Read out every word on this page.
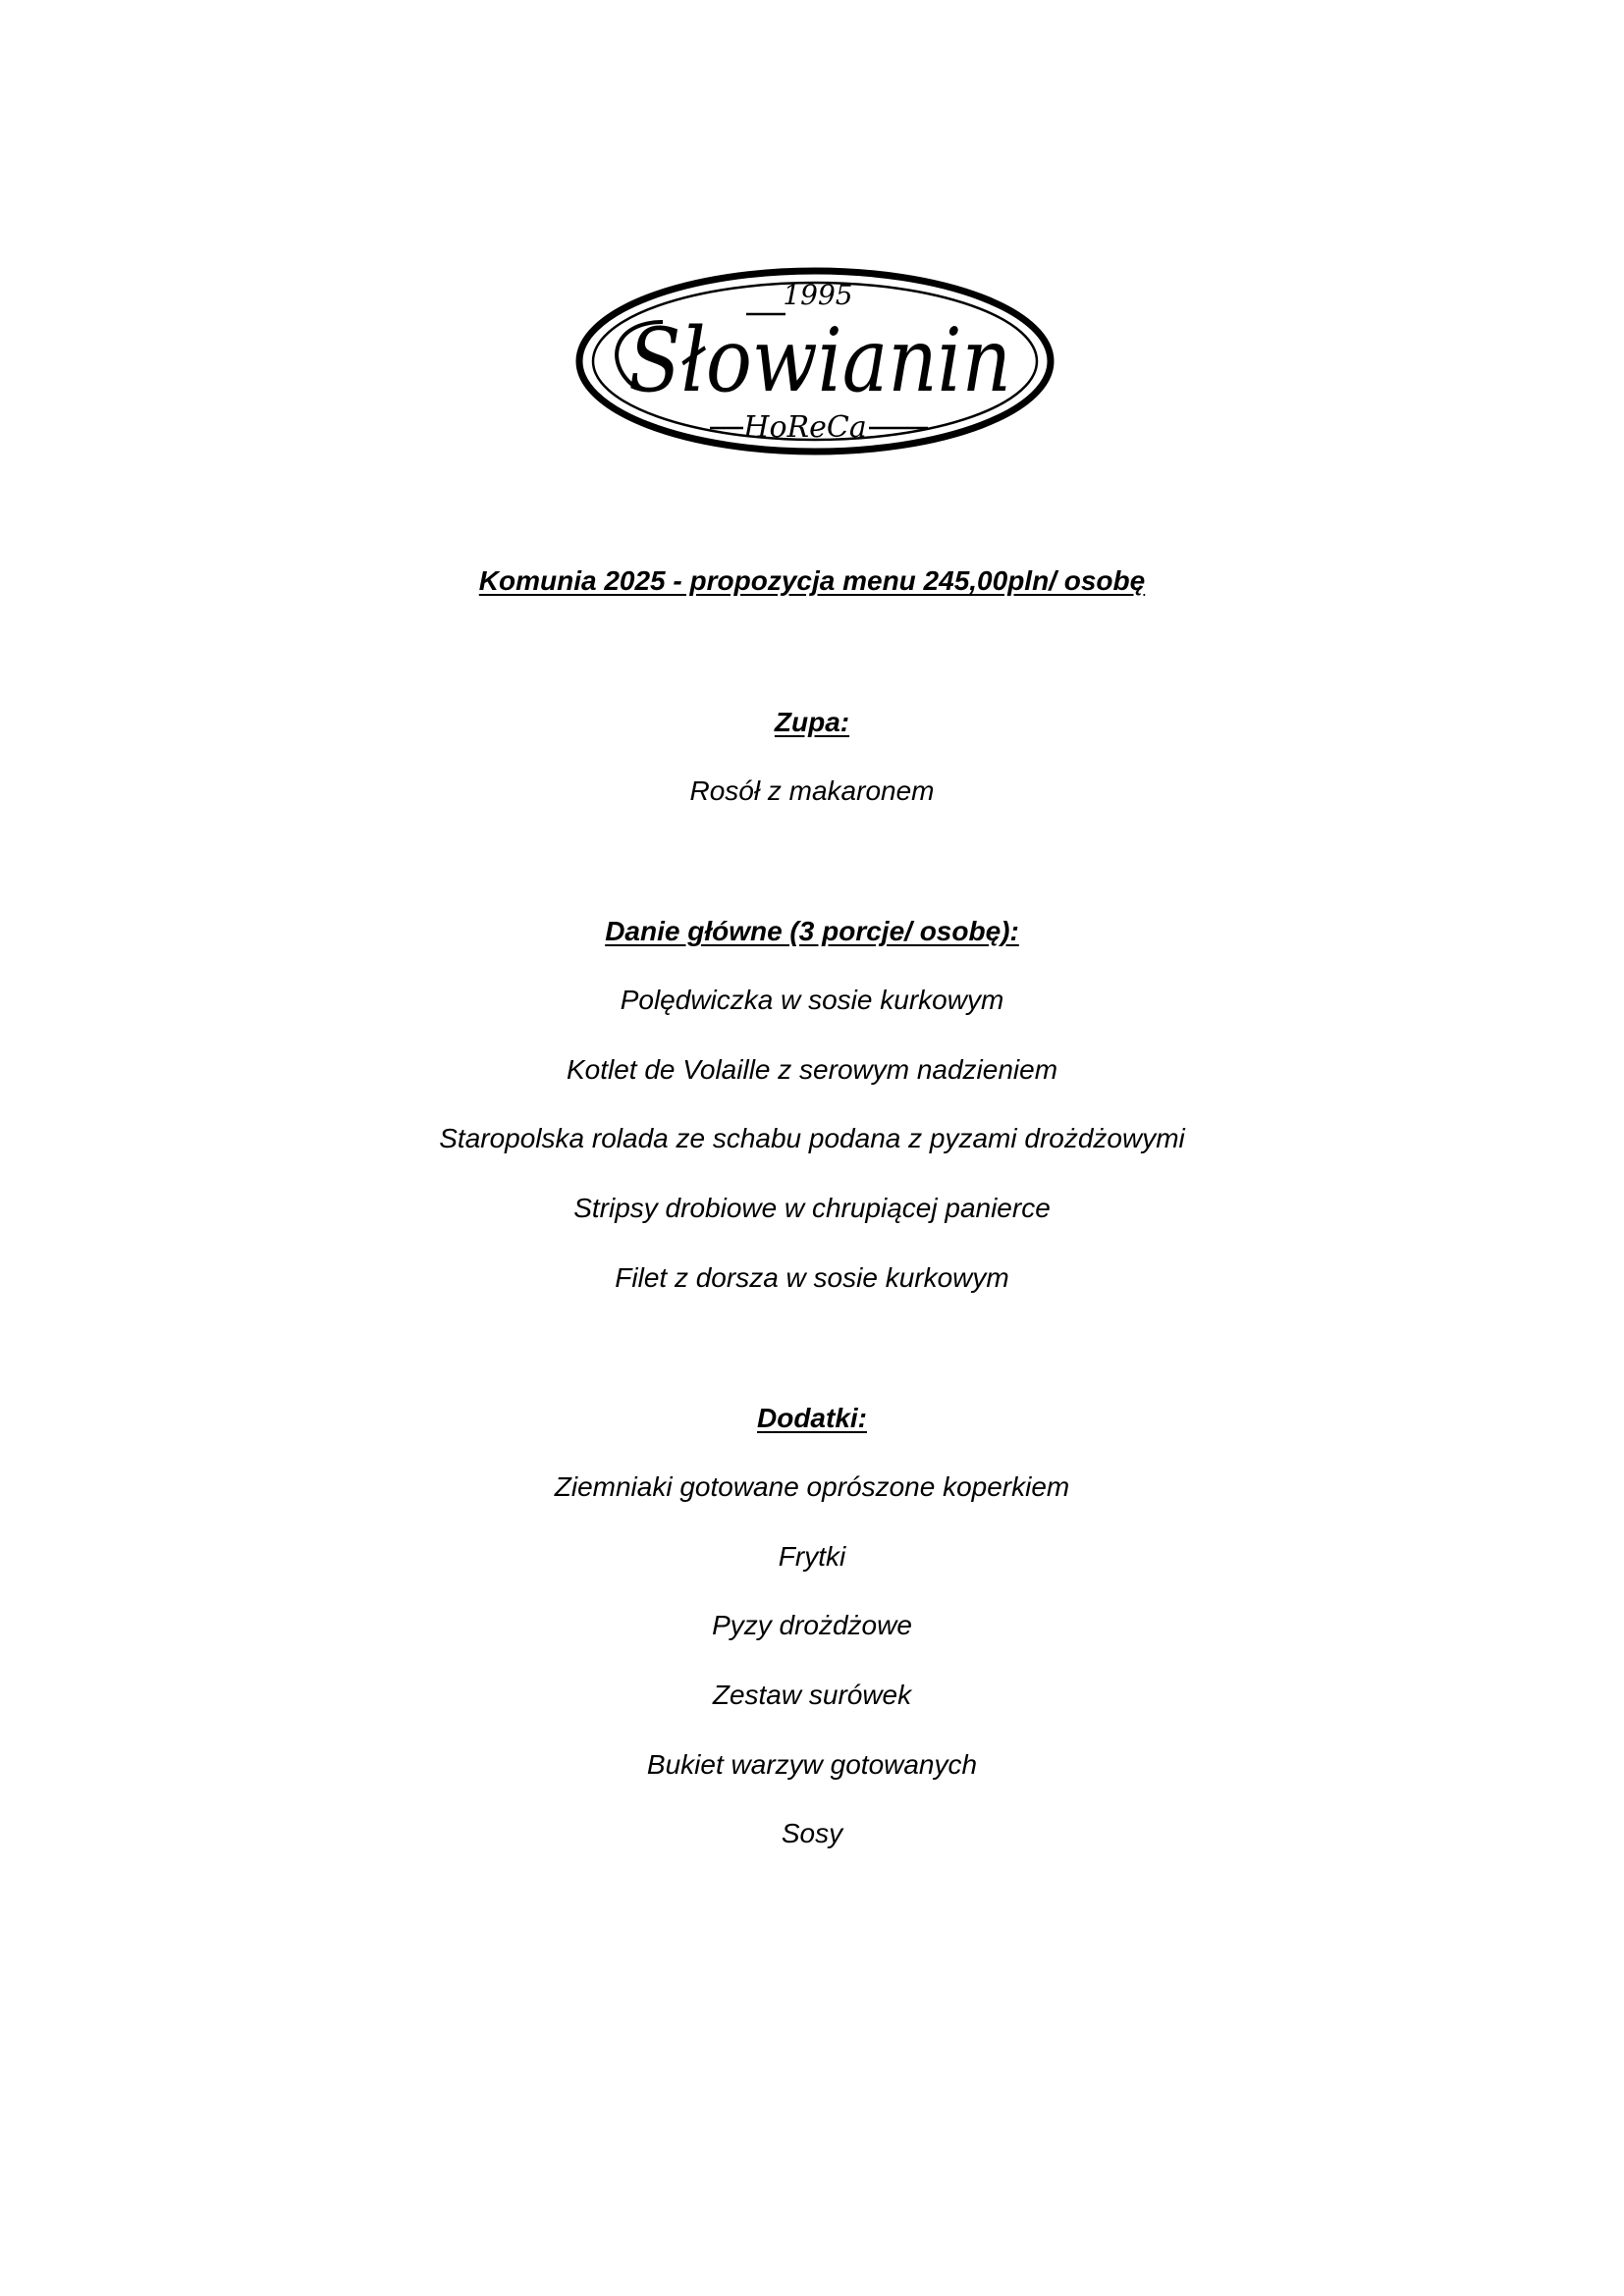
1995
Słowianin
HoReCa
Komunia 2025 - propozycja menu 245,00pln/ osobę
Zupa:
Rosół z makaronem
Danie główne (3 porcje/ osobę):
Polędwiczka w sosie kurkowym
Kotlet de Volaille z serowym nadzieniem
Staropolska rolada ze schabu podana z pyzami drożdżowymi
Stripsy drobiowe w chrupiącej panierce
Filet z dorsza w sosie kurkowym
Dodatki:
Ziemniaki gotowane oprószone koperkiem
Frytki
Pyzy drożdżowe
Zestaw surówek
Bukiet warzyw gotowanych
Sosy
